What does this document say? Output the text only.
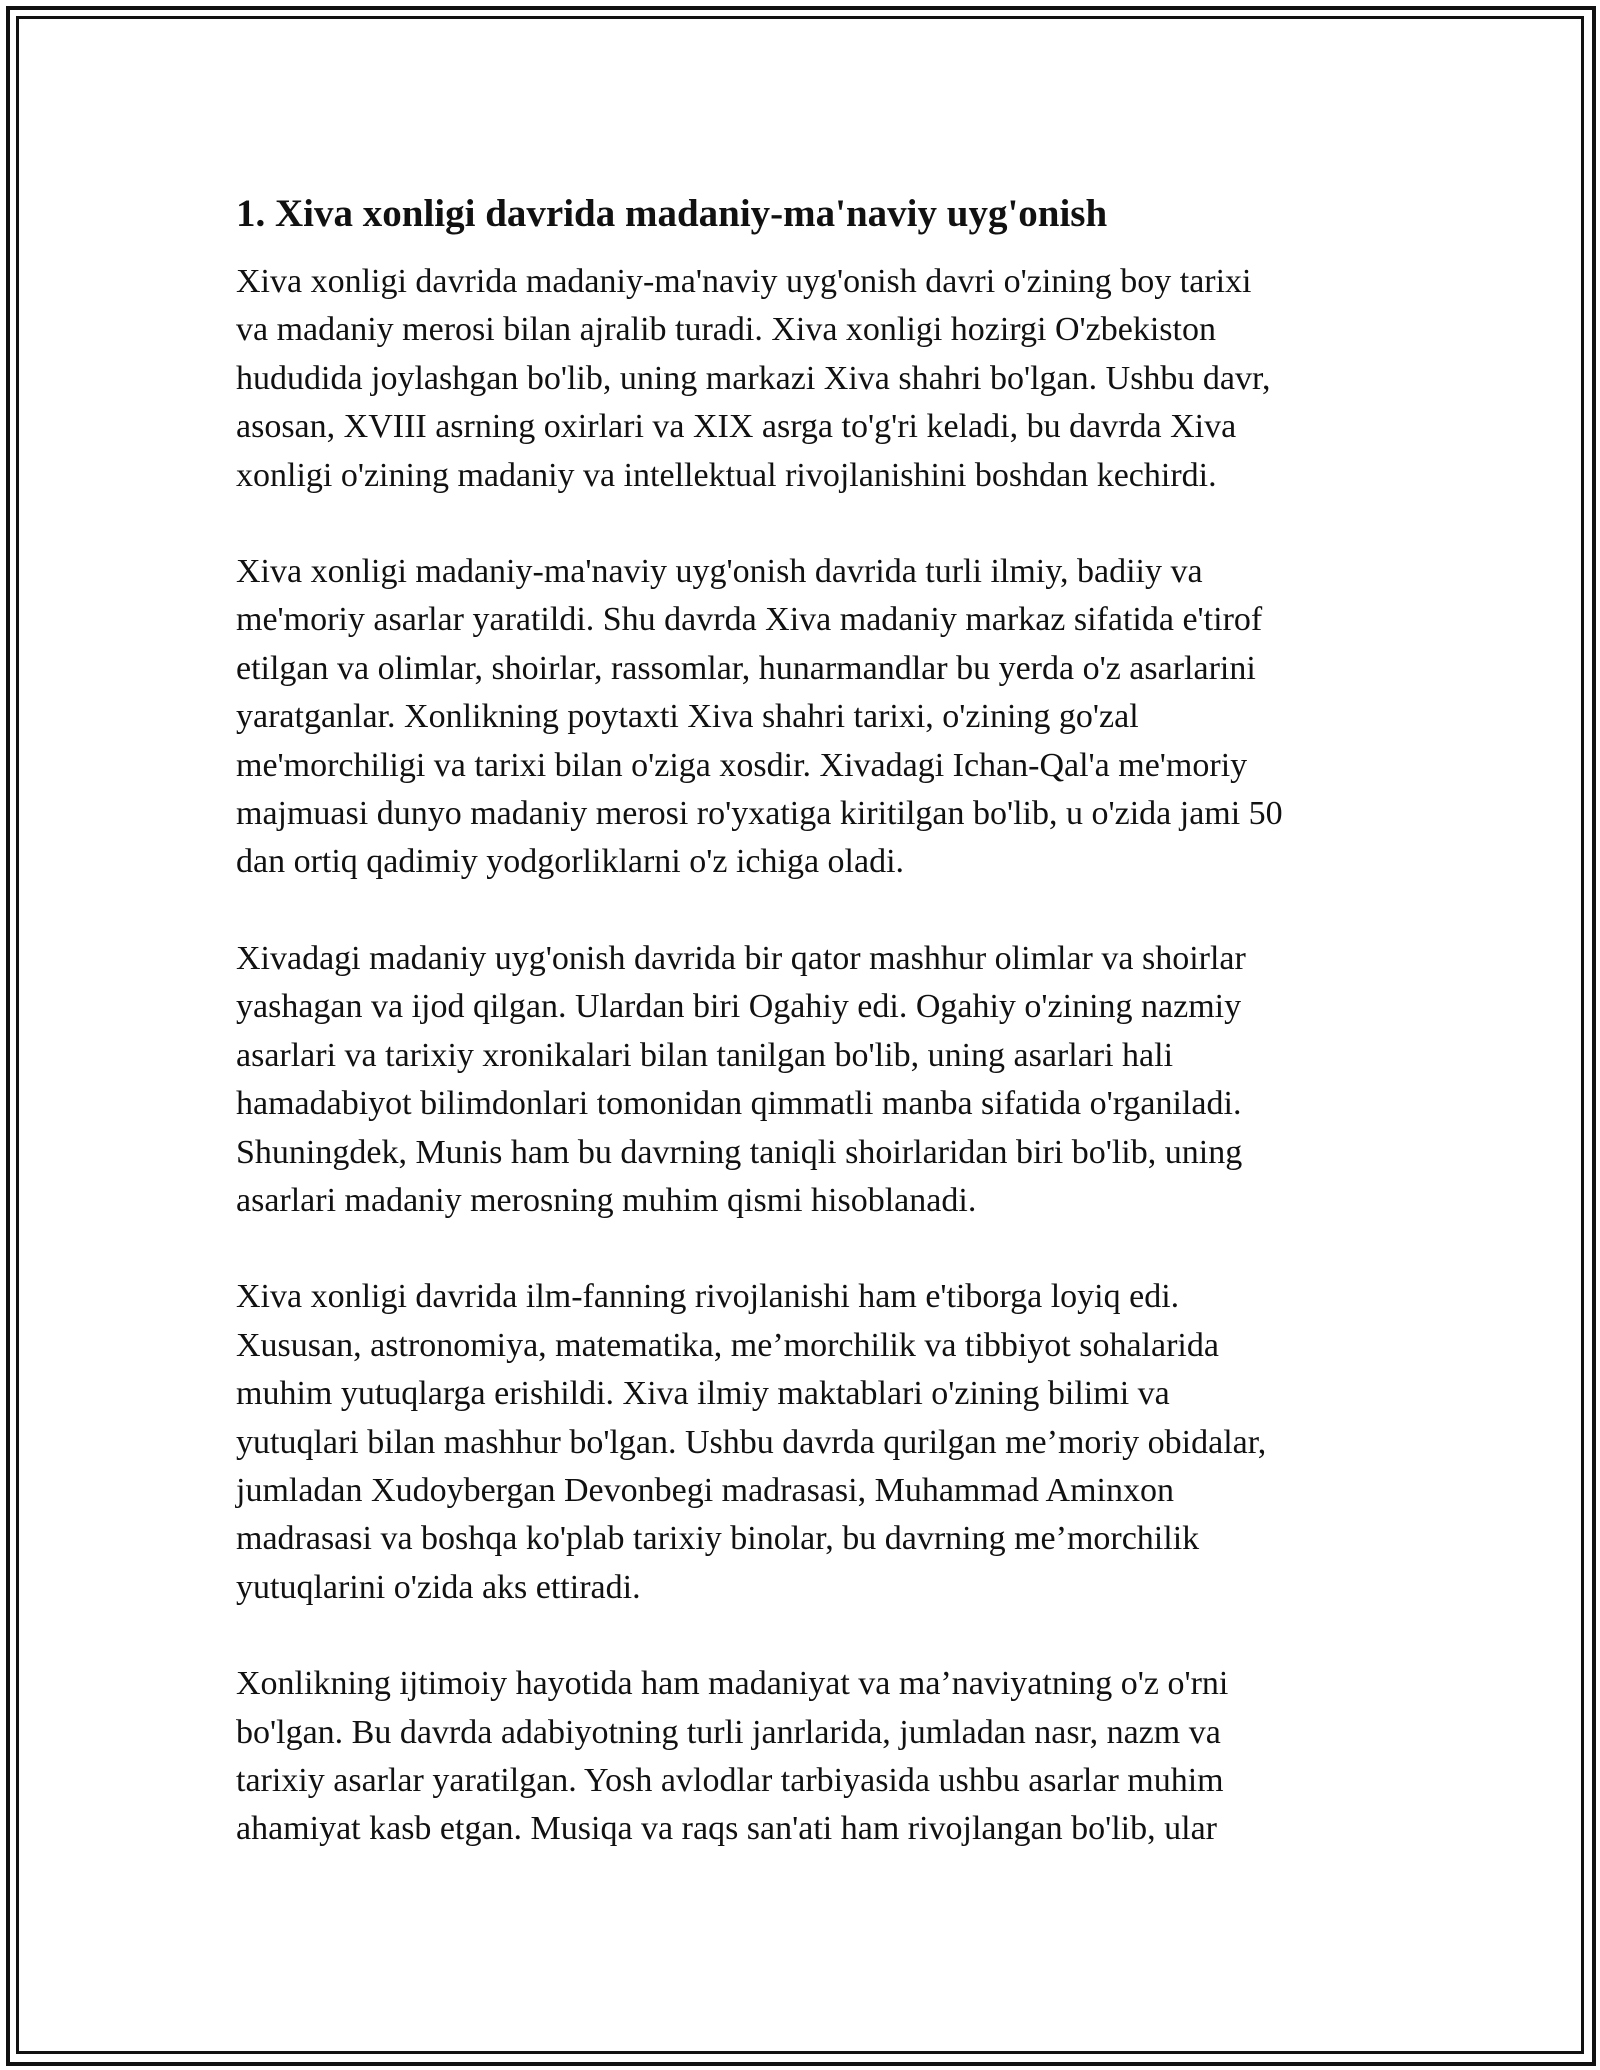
1. Xiva xonligi davrida madaniy-ma'naviy uyg'onish
Xiva xonligi davrida madaniy-ma'naviy uyg'onish davri o'zining boy tarixi
va madaniy merosi bilan ajralib turadi. Xiva xonligi hozirgi O'zbekiston
hududida joylashgan bo'lib, uning markazi Xiva shahri bo'lgan. Ushbu davr,
asosan, XVIII asrning oxirlari va XIX asrga to'g'ri keladi, bu davrda Xiva
xonligi o'zining madaniy va intellektual rivojlanishini boshdan kechirdi.
Xiva xonligi madaniy-ma'naviy uyg'onish davrida turli ilmiy, badiiy va
me'moriy asarlar yaratildi. Shu davrda Xiva madaniy markaz sifatida e'tirof
etilgan va olimlar, shoirlar, rassomlar, hunarmandlar bu yerda o'z asarlarini
yaratganlar. Xonlikning poytaxti Xiva shahri tarixi, o'zining go'zal
me'morchiligi va tarixi bilan o'ziga xosdir. Xivadagi Ichan-Qal'a me'moriy
majmuasi dunyo madaniy merosi ro'yxatiga kiritilgan bo'lib, u o'zida jami 50
dan ortiq qadimiy yodgorliklarni o'z ichiga oladi.
Xivadagi madaniy uyg'onish davrida bir qator mashhur olimlar va shoirlar
yashagan va ijod qilgan. Ulardan biri Ogahiy edi. Ogahiy o'zining nazmiy
asarlari va tarixiy xronikalari bilan tanilgan bo'lib, uning asarlari hali
hamadabiyot bilimdonlari tomonidan qimmatli manba sifatida o'rganiladi.
Shuningdek, Munis ham bu davrning taniqli shoirlaridan biri bo'lib, uning
asarlari madaniy merosning muhim qismi hisoblanadi.
Xiva xonligi davrida ilm-fanning rivojlanishi ham e'tiborga loyiq edi.
Xususan, astronomiya, matematika, me’morchilik va tibbiyot sohalarida
muhim yutuqlarga erishildi. Xiva ilmiy maktablari o'zining bilimi va
yutuqlari bilan mashhur bo'lgan. Ushbu davrda qurilgan me’moriy obidalar,
jumladan Xudoybergan Devonbegi madrasasi, Muhammad Aminxon
madrasasi va boshqa ko'plab tarixiy binolar, bu davrning me’morchilik
yutuqlarini o'zida aks ettiradi.
Xonlikning ijtimoiy hayotida ham madaniyat va ma’naviyatning o'z o'rni
bo'lgan. Bu davrda adabiyotning turli janrlarida, jumladan nasr, nazm va
tarixiy asarlar yaratilgan. Yosh avlodlar tarbiyasida ushbu asarlar muhim
ahamiyat kasb etgan. Musiqa va raqs san'ati ham rivojlangan bo'lib, ular
